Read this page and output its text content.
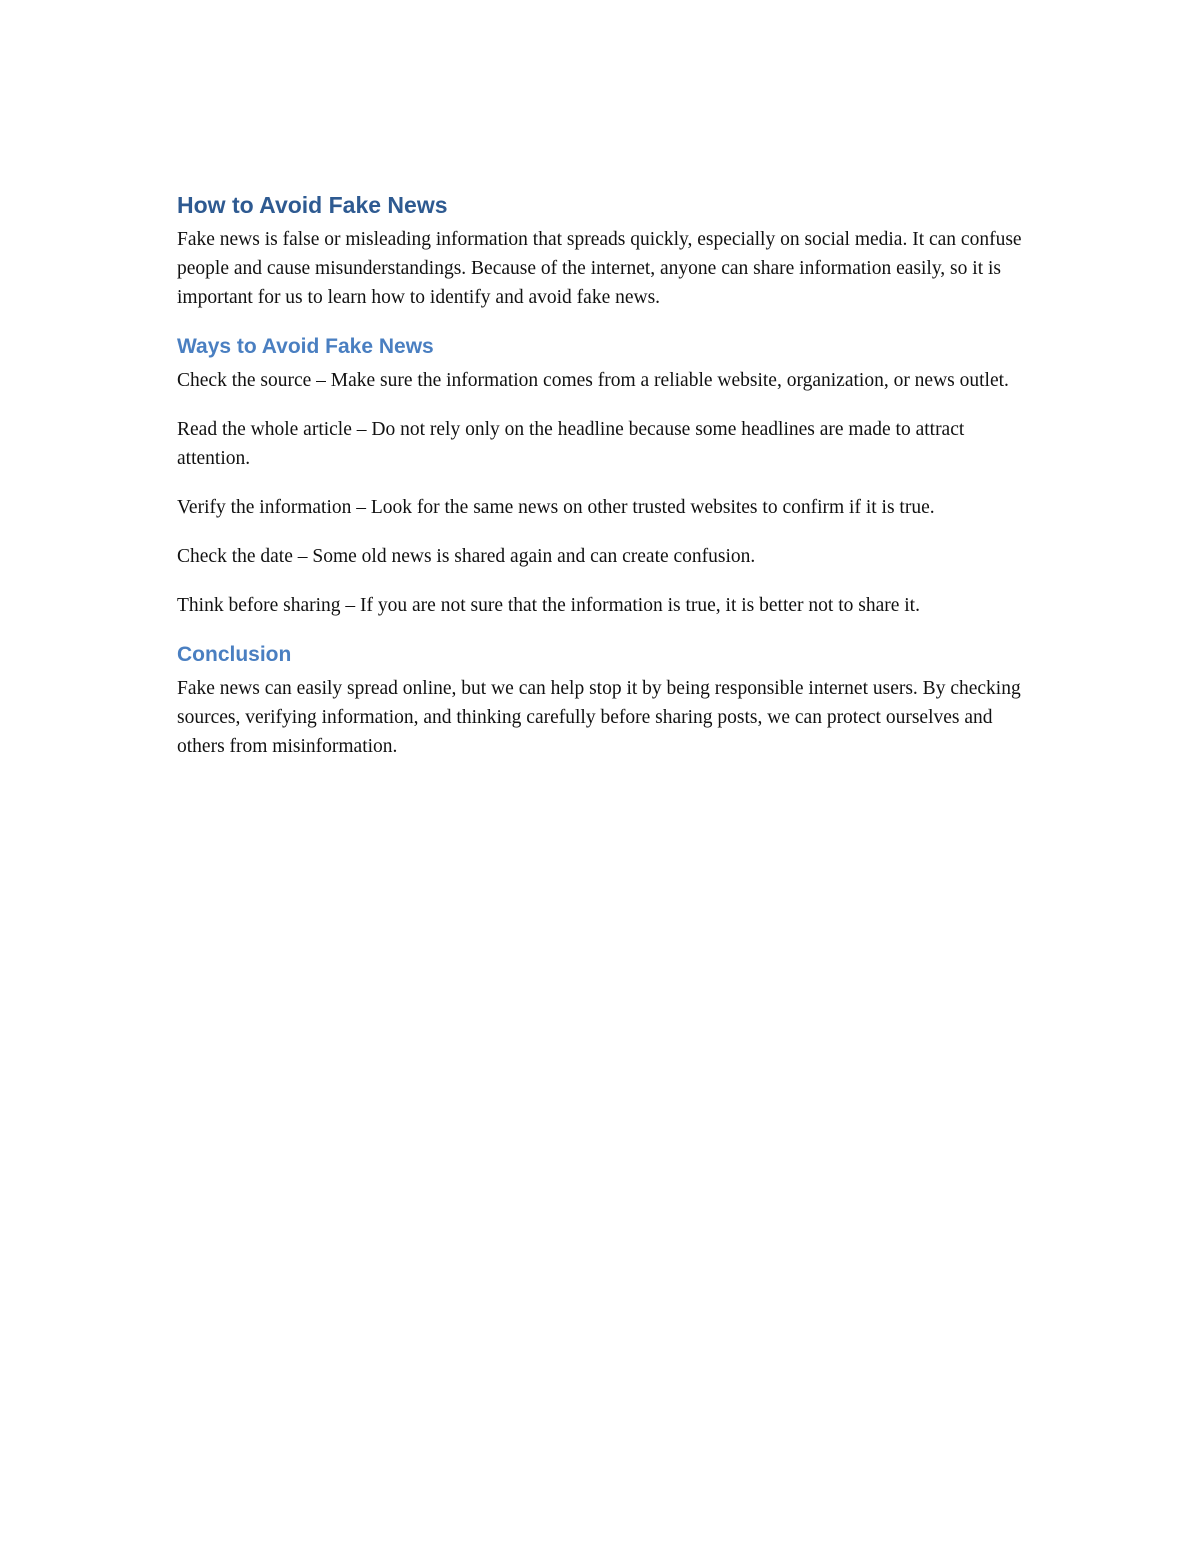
How to Avoid Fake News

Fake news is false or misleading information that spreads quickly, especially on social media. It can confuse people and cause misunderstandings. Because of the internet, anyone can share information easily, so it is important for us to learn how to identify and avoid fake news.

Ways to Avoid Fake News

Check the source – Make sure the information comes from a reliable website, organization, or news outlet.

Read the whole article – Do not rely only on the headline because some headlines are made to attract attention.

Verify the information – Look for the same news on other trusted websites to confirm if it is true.

Check the date – Some old news is shared again and can create confusion.

Think before sharing – If you are not sure that the information is true, it is better not to share it.

Conclusion

Fake news can easily spread online, but we can help stop it by being responsible internet users. By checking sources, verifying information, and thinking carefully before sharing posts, we can protect ourselves and others from misinformation.
